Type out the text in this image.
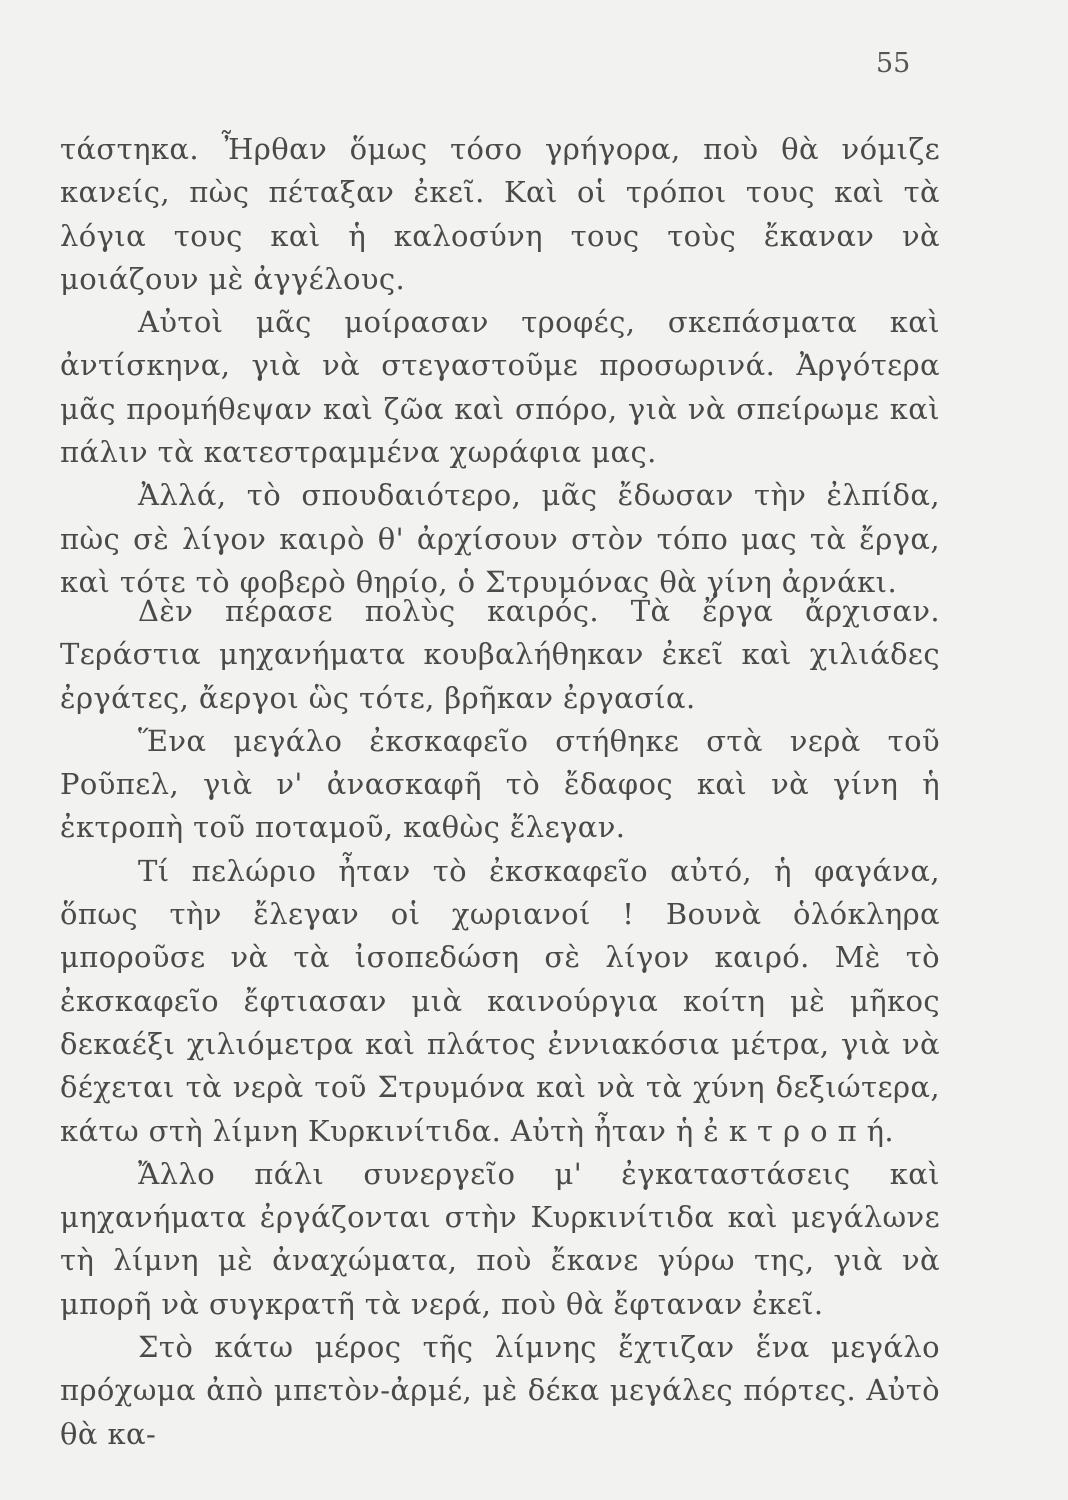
55

τάστηκα. Ἦρθαν ὅμως τόσο γρήγορα, ποὺ θὰ νόμιζε κανείς, πὼς πέταξαν ἐκεῖ. Καὶ οἱ τρόποι τους καὶ τὰ λόγια τους καὶ ἡ καλοσύνη τους τοὺς ἔκαναν νὰ μοιάζουν μὲ ἀγγέλους.

Αὐτοὶ μᾶς μοίρασαν τροφές, σκεπάσματα καὶ ἀντίσκηνα, γιὰ νὰ στεγαστοῦμε προσωρινά. Ἀργότερα μᾶς προμήθεψαν καὶ ζῶα καὶ σπόρο, γιὰ νὰ σπείρωμε καὶ πάλιν τὰ κατεστραμμένα χωράφια μας.

Ἀλλά, τὸ σπουδαιότερο, μᾶς ἔδωσαν τὴν ἐλπίδα, πὼς σὲ λίγον καιρὸ θ' ἀρχίσουν στὸν τόπο μας τὰ ἔργα, καὶ τότε τὸ φοβερὸ θηρίο, ὁ Στρυμόνας θὰ γίνη ἀρνάκι.

Δὲν πέρασε πολὺς καιρός. Τὰ ἔργα ἄρχισαν. Τεράστια μηχανήματα κουβαλήθηκαν ἐκεῖ καὶ χιλιάδες ἐργάτες, ἄεργοι ὣς τότε, βρῆκαν ἐργασία.

Ἕνα μεγάλο ἐκσκαφεῖο στήθηκε στὰ νερὰ τοῦ Ροῦπελ, γιὰ ν' ἀνασκαφῆ τὸ ἔδαφος καὶ νὰ γίνη ἡ ἐκτροπὴ τοῦ ποταμοῦ, καθὼς ἔλεγαν.

Τί πελώριο ἦταν τὸ ἐκσκαφεῖο αὐτό, ἡ φαγάνα, ὅπως τὴν ἔλεγαν οἱ χωριανοί ! Βουνὰ ὁλόκληρα μποροῦσε νὰ τὰ ἰσοπεδώση σὲ λίγον καιρό. Μὲ τὸ ἐκσκαφεῖο ἔφτιασαν μιὰ καινούργια κοίτη μὲ μῆκος δεκαέξι χιλιόμετρα καὶ πλάτος ἐννιακόσια μέτρα, γιὰ νὰ δέχεται τὰ νερὰ τοῦ Στρυμόνα καὶ νὰ τὰ χύνη δεξιώτερα, κάτω στὴ λίμνη Κυρκινίτιδα. Αὐτὴ ἦταν ἡ ἐ κ τ ρ ο π ή.

Ἄλλο πάλι συνεργεῖο μ' ἐγκαταστάσεις καὶ μηχανήματα ἐργάζονται στὴν Κυρκινίτιδα καὶ μεγάλωνε τὴ λίμνη μὲ ἀναχώματα, ποὺ ἔκανε γύρω της, γιὰ νὰ μπορῆ νὰ συγκρατῆ τὰ νερά, ποὺ θὰ ἔφταναν ἐκεῖ.

Στὸ κάτω μέρος τῆς λίμνης ἔχτιζαν ἕνα μεγάλο πρόχωμα ἀπὸ μπετὸν-ἀρμέ, μὲ δέκα μεγάλες πόρτες. Αὐτὸ θὰ κα-
